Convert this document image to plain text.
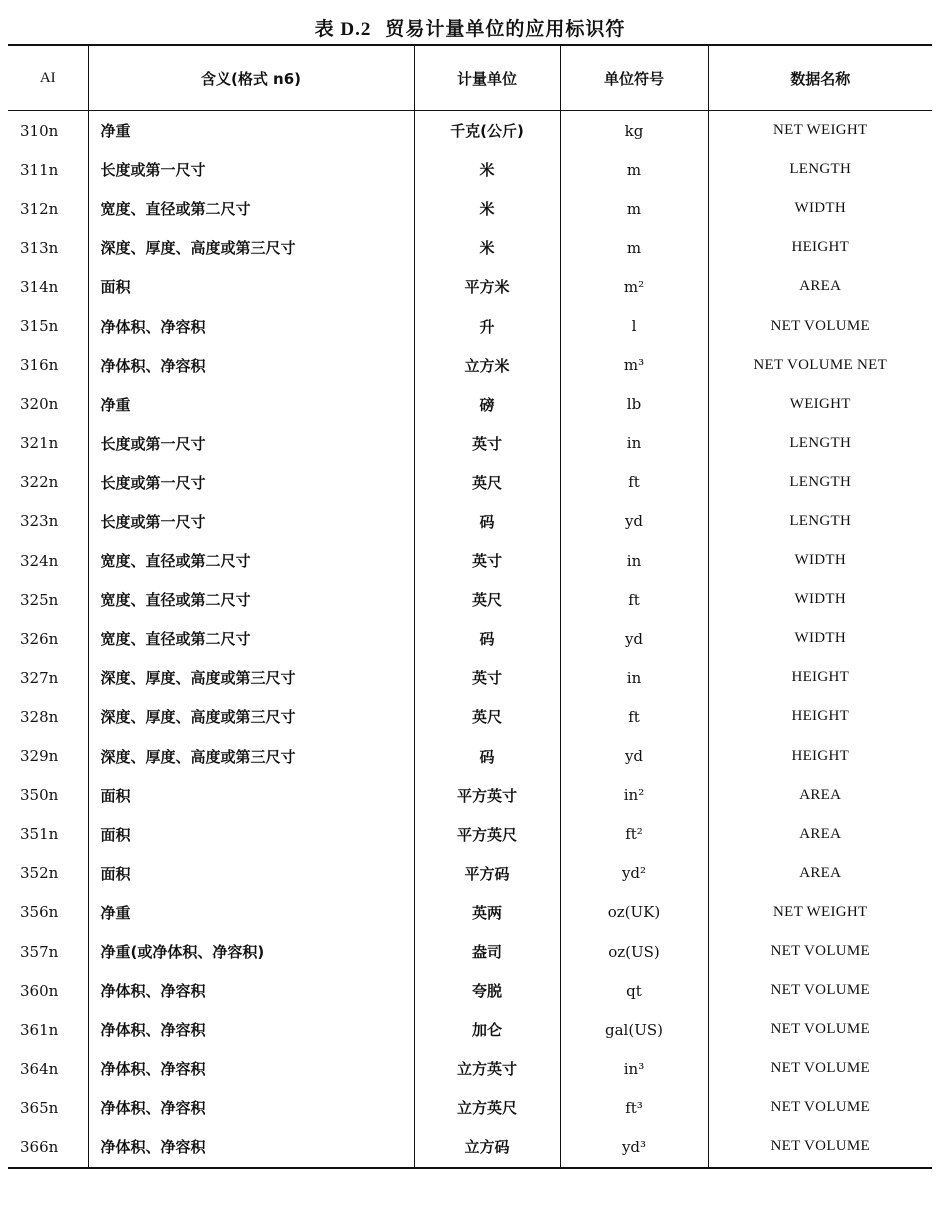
表 D.2 贸易计量单位的应用标识符
AI	含义(格式 n6)	计量单位	单位符号	数据名称
310n	净重	千克(公斤)	kg	NET WEIGHT
311n	长度或第一尺寸	米	m	LENGTH
312n	宽度、直径或第二尺寸	米	m	WIDTH
313n	深度、厚度、高度或第三尺寸	米	m	HEIGHT
314n	面积	平方米	m²	AREA
315n	净体积、净容积	升	l	NET VOLUME
316n	净体积、净容积	立方米	m³	NET VOLUME NET
320n	净重	磅	lb	WEIGHT
321n	长度或第一尺寸	英寸	in	LENGTH
322n	长度或第一尺寸	英尺	ft	LENGTH
323n	长度或第一尺寸	码	yd	LENGTH
324n	宽度、直径或第二尺寸	英寸	in	WIDTH
325n	宽度、直径或第二尺寸	英尺	ft	WIDTH
326n	宽度、直径或第二尺寸	码	yd	WIDTH
327n	深度、厚度、高度或第三尺寸	英寸	in	HEIGHT
328n	深度、厚度、高度或第三尺寸	英尺	ft	HEIGHT
329n	深度、厚度、高度或第三尺寸	码	yd	HEIGHT
350n	面积	平方英寸	in²	AREA
351n	面积	平方英尺	ft²	AREA
352n	面积	平方码	yd²	AREA
356n	净重	英两	oz(UK)	NET WEIGHT
357n	净重(或净体积、净容积)	盎司	oz(US)	NET VOLUME
360n	净体积、净容积	夸脱	qt	NET VOLUME
361n	净体积、净容积	加仑	gal(US)	NET VOLUME
364n	净体积、净容积	立方英寸	in³	NET VOLUME
365n	净体积、净容积	立方英尺	ft³	NET VOLUME
366n	净体积、净容积	立方码	yd³	NET VOLUME
